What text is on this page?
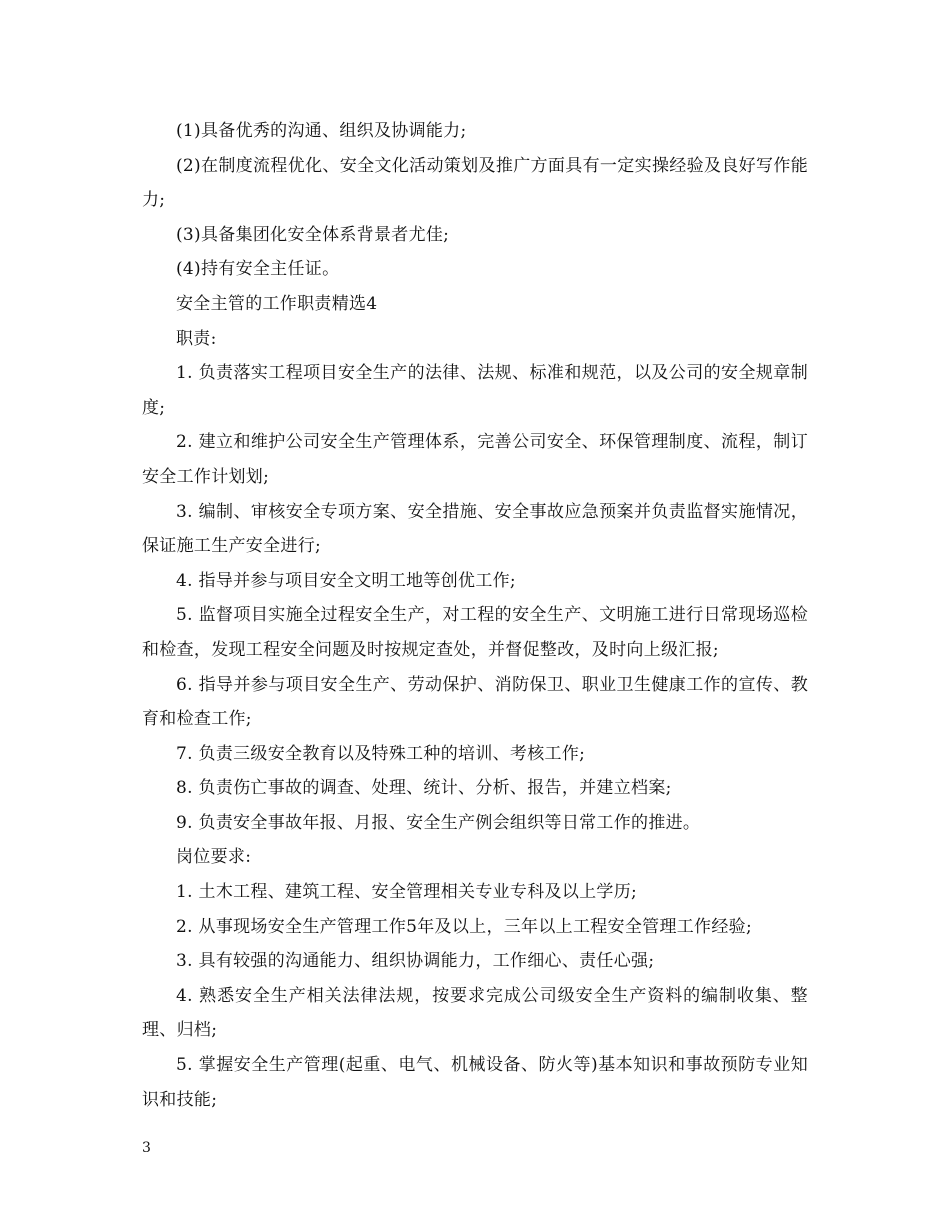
(1)具备优秀的沟通、组织及协调能力;

(2)在制度流程优化、安全文化活动策划及推广方面具有一定实操经验及良好写作能力;

(3)具备集团化安全体系背景者尤佳;

(4)持有安全主任证。

安全主管的工作职责精选4

职责:

1. 负责落实工程项目安全生产的法律、法规、标准和规范，以及公司的安全规章制度;

2. 建立和维护公司安全生产管理体系，完善公司安全、环保管理制度、流程，制订安全工作计划划;

3. 编制、审核安全专项方案、安全措施、安全事故应急预案并负责监督实施情况，保证施工生产安全进行;

4. 指导并参与项目安全文明工地等创优工作;

5. 监督项目实施全过程安全生产，对工程的安全生产、文明施工进行日常现场巡检和检查，发现工程安全问题及时按规定查处，并督促整改，及时向上级汇报;

6. 指导并参与项目安全生产、劳动保护、消防保卫、职业卫生健康工作的宣传、教育和检查工作;

7. 负责三级安全教育以及特殊工种的培训、考核工作;

8. 负责伤亡事故的调查、处理、统计、分析、报告，并建立档案;

9. 负责安全事故年报、月报、安全生产例会组织等日常工作的推进。

岗位要求:

1. 土木工程、建筑工程、安全管理相关专业专科及以上学历;

2. 从事现场安全生产管理工作5年及以上，三年以上工程安全管理工作经验;

3. 具有较强的沟通能力、组织协调能力，工作细心、责任心强;

4. 熟悉安全生产相关法律法规，按要求完成公司级安全生产资料的编制收集、整理、归档;

5. 掌握安全生产管理(起重、电气、机械设备、防火等)基本知识和事故预防专业知识和技能;

3
